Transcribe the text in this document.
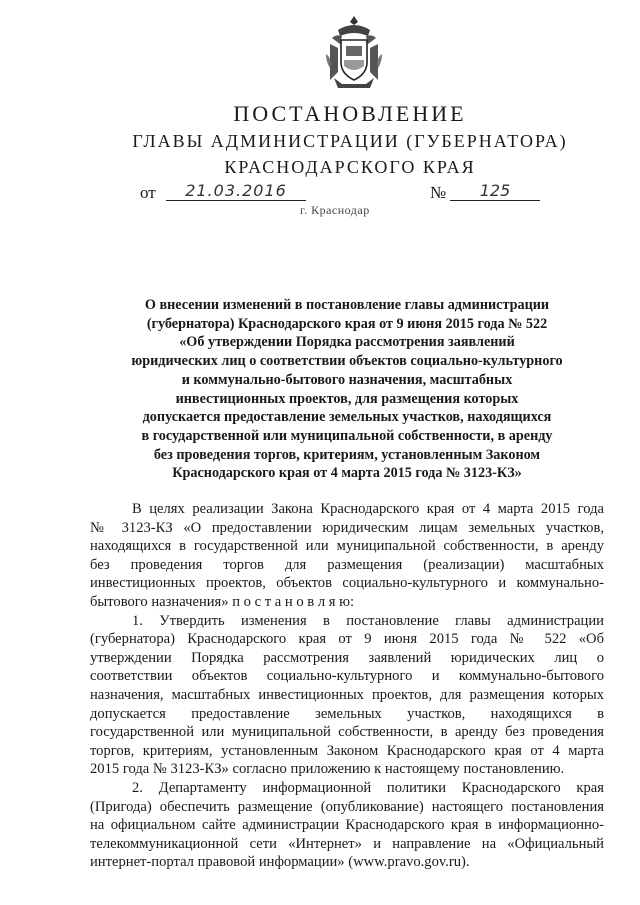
ПОСТАНОВЛЕНИЕ
ГЛАВЫ АДМИНИСТРАЦИИ (ГУБЕРНАТОРА)
КРАСНОДАРСКОГО КРАЯ
от	21.03.2016	№	125
г. Краснодар
О внесении изменений в постановление главы администрации
(губернатора) Краснодарского края от 9 июня 2015 года № 522
«Об утверждении Порядка рассмотрения заявлений
юридических лиц о соответствии объектов социально-культурного
и коммунально-бытового назначения, масштабных
инвестиционных проектов, для размещения которых
допускается предоставление земельных участков, находящихся
в государственной или муниципальной собственности, в аренду
без проведения торгов, критериям, установленным Законом
Краснодарского края от 4 марта 2015 года № 3123-КЗ»
В целях реализации Закона Краснодарского края от 4 марта 2015 года
№ 3123-КЗ «О предоставлении юридическим лицам земельных участков,
находящихся в государственной или муниципальной собственности, в аренду
без проведения торгов для размещения (реализации) масштабных
инвестиционных проектов, объектов социально-культурного и коммунально-
бытового назначения» п о с т а н о в л я ю:
1. Утвердить изменения в постановление главы администрации
(губернатора) Краснодарского края от 9 июня 2015 года № 522 «Об
утверждении Порядка рассмотрения заявлений юридических лиц о
соответствии объектов социально-культурного и коммунально-бытового
назначения, масштабных инвестиционных проектов, для размещения которых
допускается предоставление земельных участков, находящихся в
государственной или муниципальной собственности, в аренду без проведения
торгов, критериям, установленным Законом Краснодарского края от 4 марта
2015 года № 3123-КЗ» согласно приложению к настоящему постановлению.
2. Департаменту информационной политики Краснодарского края
(Пригода) обеспечить размещение (опубликование) настоящего постановления
на официальном сайте администрации Краснодарского края в информационно-
телекоммуникационной сети «Интернет» и направление на «Официальный
интернет-портал правовой информации» (www.pravo.gov.ru).
